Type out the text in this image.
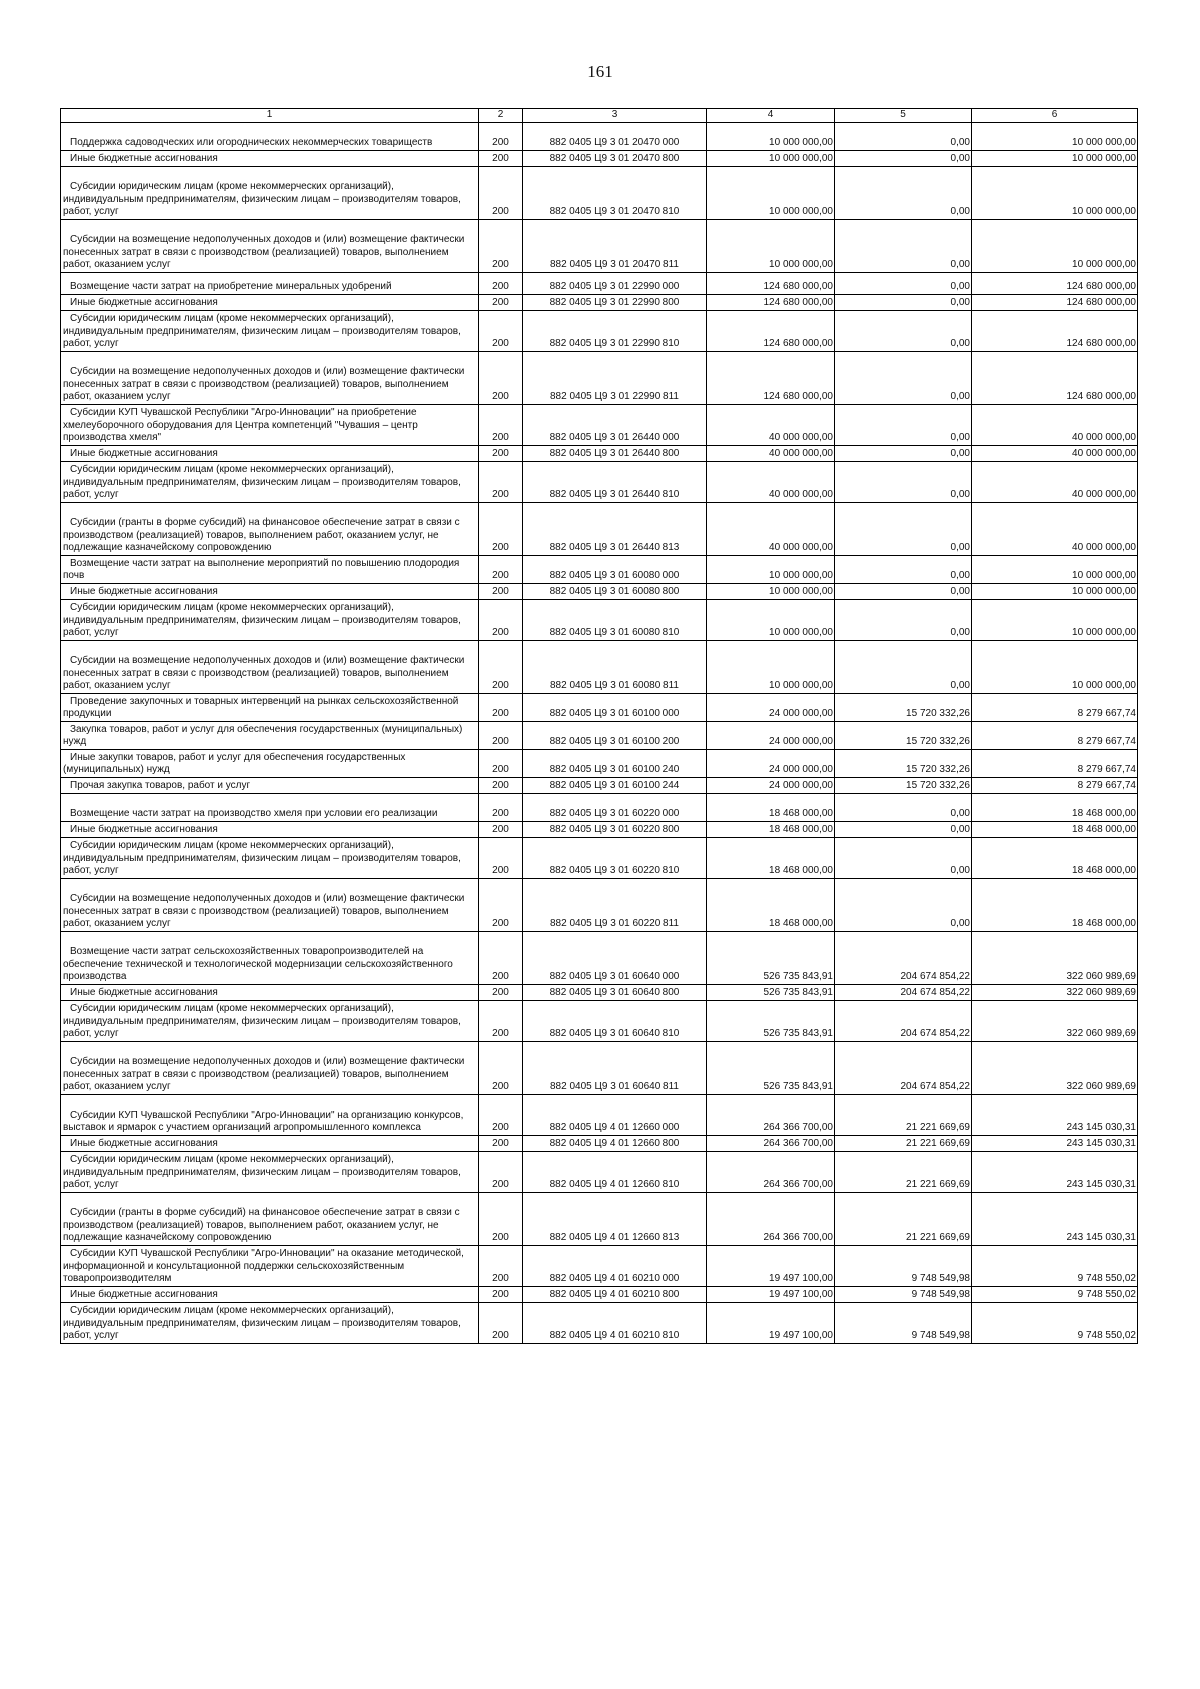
161
1	2	3	4	5	6
Поддержка садоводческих или огороднических некоммерческих товариществ	200	882 0405 Ц9 3 01 20470 000	10 000 000,00	0,00	10 000 000,00
Иные бюджетные ассигнования	200	882 0405 Ц9 3 01 20470 800	10 000 000,00	0,00	10 000 000,00
Субсидии юридическим лицам (кроме некоммерческих организаций), индивидуальным предпринимателям, физическим лицам – производителям товаров, работ, услуг	200	882 0405 Ц9 3 01 20470 810	10 000 000,00	0,00	10 000 000,00
Субсидии на возмещение недополученных доходов и (или) возмещение фактически понесенных затрат в связи с производством (реализацией) товаров, выполнением работ, оказанием услуг	200	882 0405 Ц9 3 01 20470 811	10 000 000,00	0,00	10 000 000,00
Возмещение части затрат на приобретение минеральных удобрений	200	882 0405 Ц9 3 01 22990 000	124 680 000,00	0,00	124 680 000,00
Иные бюджетные ассигнования	200	882 0405 Ц9 3 01 22990 800	124 680 000,00	0,00	124 680 000,00
Субсидии юридическим лицам (кроме некоммерческих организаций), индивидуальным предпринимателям, физическим лицам – производителям товаров, работ, услуг	200	882 0405 Ц9 3 01 22990 810	124 680 000,00	0,00	124 680 000,00
Субсидии на возмещение недополученных доходов и (или) возмещение фактически понесенных затрат в связи с производством (реализацией) товаров, выполнением работ, оказанием услуг	200	882 0405 Ц9 3 01 22990 811	124 680 000,00	0,00	124 680 000,00
Субсидии КУП Чувашской Республики "Агро-Инновации" на приобретение хмелеуборочного оборудования для Центра компетенций "Чувашия – центр производства хмеля"	200	882 0405 Ц9 3 01 26440 000	40 000 000,00	0,00	40 000 000,00
Иные бюджетные ассигнования	200	882 0405 Ц9 3 01 26440 800	40 000 000,00	0,00	40 000 000,00
Субсидии юридическим лицам (кроме некоммерческих организаций), индивидуальным предпринимателям, физическим лицам – производителям товаров, работ, услуг	200	882 0405 Ц9 3 01 26440 810	40 000 000,00	0,00	40 000 000,00
Субсидии (гранты в форме субсидий) на финансовое обеспечение затрат в связи с производством (реализацией) товаров, выполнением работ, оказанием услуг, не подлежащие казначейскому сопровождению	200	882 0405 Ц9 3 01 26440 813	40 000 000,00	0,00	40 000 000,00
Возмещение части затрат на выполнение мероприятий по повышению плодородия почв	200	882 0405 Ц9 3 01 60080 000	10 000 000,00	0,00	10 000 000,00
Иные бюджетные ассигнования	200	882 0405 Ц9 3 01 60080 800	10 000 000,00	0,00	10 000 000,00
Субсидии юридическим лицам (кроме некоммерческих организаций), индивидуальным предпринимателям, физическим лицам – производителям товаров, работ, услуг	200	882 0405 Ц9 3 01 60080 810	10 000 000,00	0,00	10 000 000,00
Субсидии на возмещение недополученных доходов и (или) возмещение фактически понесенных затрат в связи с производством (реализацией) товаров, выполнением работ, оказанием услуг	200	882 0405 Ц9 3 01 60080 811	10 000 000,00	0,00	10 000 000,00
Проведение закупочных и товарных интервенций на рынках сельскохозяйственной продукции	200	882 0405 Ц9 3 01 60100 000	24 000 000,00	15 720 332,26	8 279 667,74
Закупка товаров, работ и услуг для обеспечения государственных (муниципальных) нужд	200	882 0405 Ц9 3 01 60100 200	24 000 000,00	15 720 332,26	8 279 667,74
Иные закупки товаров, работ и услуг для обеспечения государственных (муниципальных) нужд	200	882 0405 Ц9 3 01 60100 240	24 000 000,00	15 720 332,26	8 279 667,74
Прочая закупка товаров, работ и услуг	200	882 0405 Ц9 3 01 60100 244	24 000 000,00	15 720 332,26	8 279 667,74
Возмещение части затрат на производство хмеля при условии его реализации	200	882 0405 Ц9 3 01 60220 000	18 468 000,00	0,00	18 468 000,00
Иные бюджетные ассигнования	200	882 0405 Ц9 3 01 60220 800	18 468 000,00	0,00	18 468 000,00
Субсидии юридическим лицам (кроме некоммерческих организаций), индивидуальным предпринимателям, физическим лицам – производителям товаров, работ, услуг	200	882 0405 Ц9 3 01 60220 810	18 468 000,00	0,00	18 468 000,00
Субсидии на возмещение недополученных доходов и (или) возмещение фактически понесенных затрат в связи с производством (реализацией) товаров, выполнением работ, оказанием услуг	200	882 0405 Ц9 3 01 60220 811	18 468 000,00	0,00	18 468 000,00
Возмещение части затрат сельскохозяйственных товаропроизводителей на обеспечение технической и технологической модернизации сельскохозяйственного производства	200	882 0405 Ц9 3 01 60640 000	526 735 843,91	204 674 854,22	322 060 989,69
Иные бюджетные ассигнования	200	882 0405 Ц9 3 01 60640 800	526 735 843,91	204 674 854,22	322 060 989,69
Субсидии юридическим лицам (кроме некоммерческих организаций), индивидуальным предпринимателям, физическим лицам – производителям товаров, работ, услуг	200	882 0405 Ц9 3 01 60640 810	526 735 843,91	204 674 854,22	322 060 989,69
Субсидии на возмещение недополученных доходов и (или) возмещение фактически понесенных затрат в связи с производством (реализацией) товаров, выполнением работ, оказанием услуг	200	882 0405 Ц9 3 01 60640 811	526 735 843,91	204 674 854,22	322 060 989,69
Субсидии КУП Чувашской Республики "Агро-Инновации" на организацию конкурсов, выставок и ярмарок с участием организаций агропромышленного комплекса	200	882 0405 Ц9 4 01 12660 000	264 366 700,00	21 221 669,69	243 145 030,31
Иные бюджетные ассигнования	200	882 0405 Ц9 4 01 12660 800	264 366 700,00	21 221 669,69	243 145 030,31
Субсидии юридическим лицам (кроме некоммерческих организаций), индивидуальным предпринимателям, физическим лицам – производителям товаров, работ, услуг	200	882 0405 Ц9 4 01 12660 810	264 366 700,00	21 221 669,69	243 145 030,31
Субсидии (гранты в форме субсидий) на финансовое обеспечение затрат в связи с производством (реализацией) товаров, выполнением работ, оказанием услуг, не подлежащие казначейскому сопровождению	200	882 0405 Ц9 4 01 12660 813	264 366 700,00	21 221 669,69	243 145 030,31
Субсидии КУП Чувашской Республики "Агро-Инновации" на оказание методической, информационной и консультационной поддержки сельскохозяйственным товаропроизводителям	200	882 0405 Ц9 4 01 60210 000	19 497 100,00	9 748 549,98	9 748 550,02
Иные бюджетные ассигнования	200	882 0405 Ц9 4 01 60210 800	19 497 100,00	9 748 549,98	9 748 550,02
Субсидии юридическим лицам (кроме некоммерческих организаций), индивидуальным предпринимателям, физическим лицам – производителям товаров, работ, услуг	200	882 0405 Ц9 4 01 60210 810	19 497 100,00	9 748 549,98	9 748 550,02
